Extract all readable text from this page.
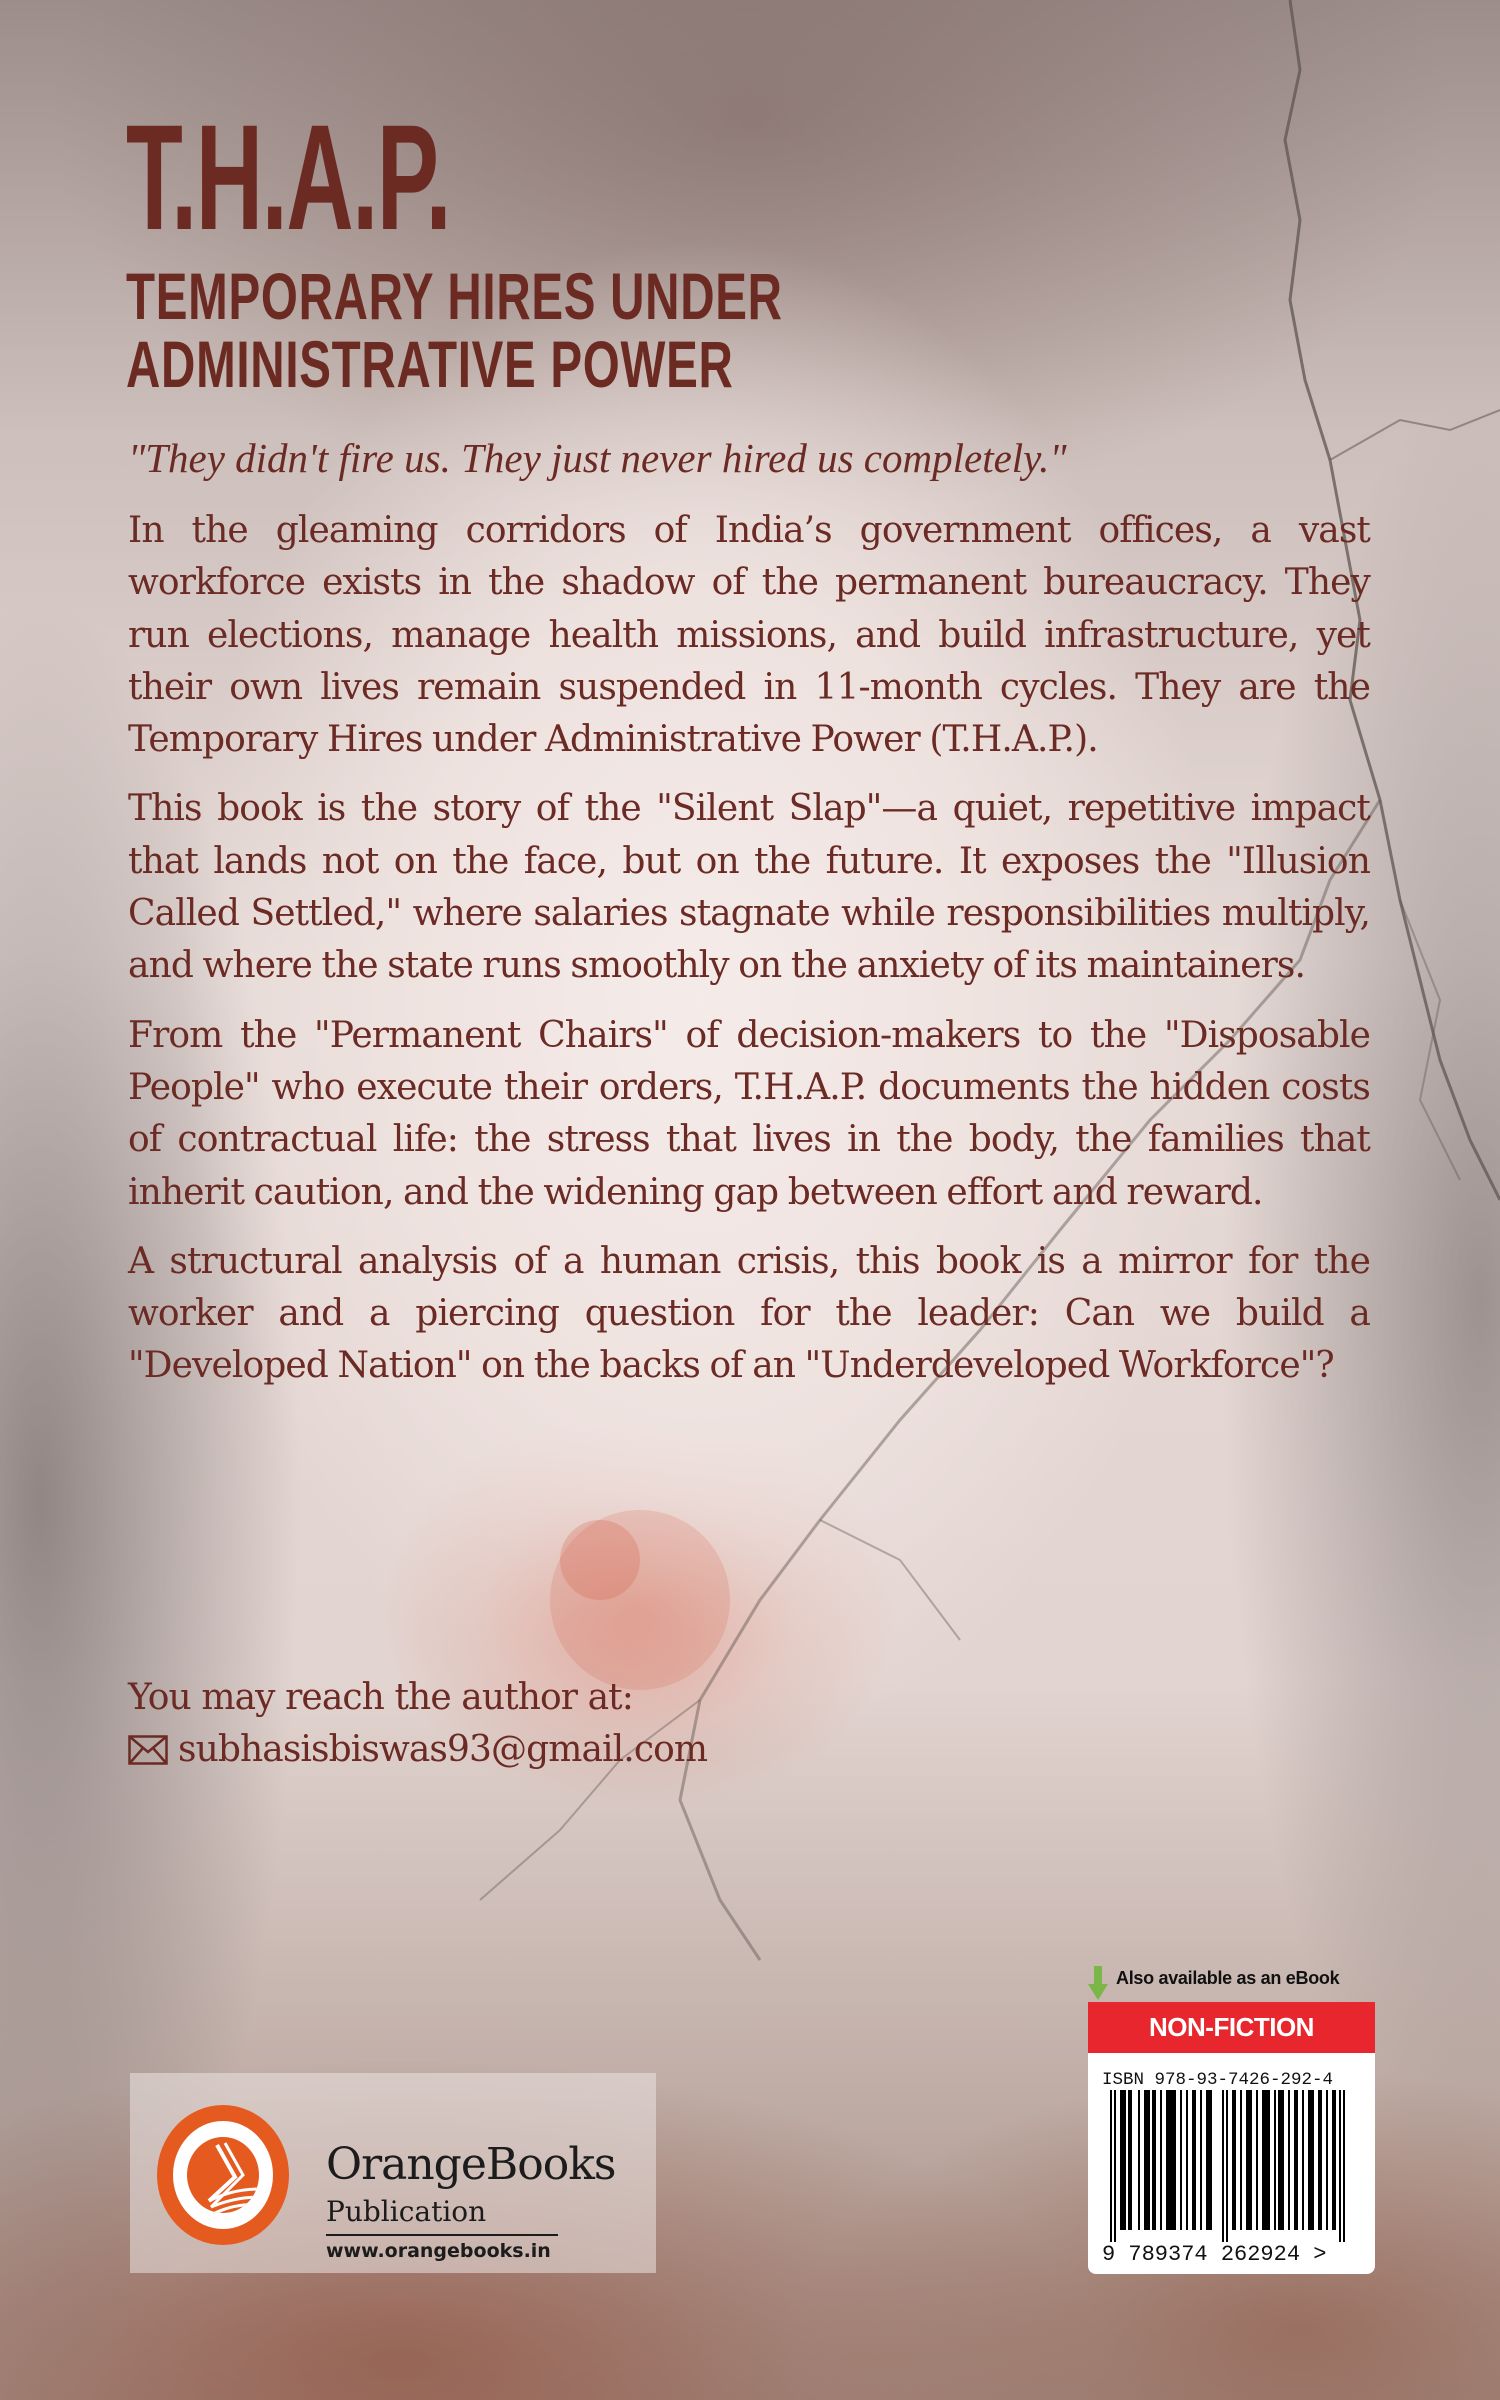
T.H.A.P.
TEMPORARY HIRES UNDER
ADMINISTRATIVE POWER
"They didn't fire us. They just never hired us completely."

In the gleaming corridors of India’s government offices, a vast workforce exists in the shadow of the permanent bureaucracy. They run elections, manage health missions, and build infrastructure, yet their own lives remain suspended in 11-month cycles. They are the Temporary Hires under Administrative Power (T.H.A.P.).

This book is the story of the "Silent Slap"—a quiet, repetitive impact that lands not on the face, but on the future. It exposes the "Illusion Called Settled," where salaries stagnate while responsibilities multiply, and where the state runs smoothly on the anxiety of its maintainers.

From the "Permanent Chairs" of decision-makers to the "Disposable People" who execute their orders, T.H.A.P. documents the hidden costs of contractual life: the stress that lives in the body, the families that inherit caution, and the widening gap between effort and reward.

A structural analysis of a human crisis, this book is a mirror for the worker and a piercing question for the leader: Can we build a "Developed Nation" on the backs of an "Underdeveloped Workforce"?

You may reach the author at:
subhasisbiswas93@gmail.com
OrangeBooks
Publication
www.orangebooks.in
Also available as an eBook
NON-FICTION
ISBN 978-93-7426-292-4
9 789374 262924 >
